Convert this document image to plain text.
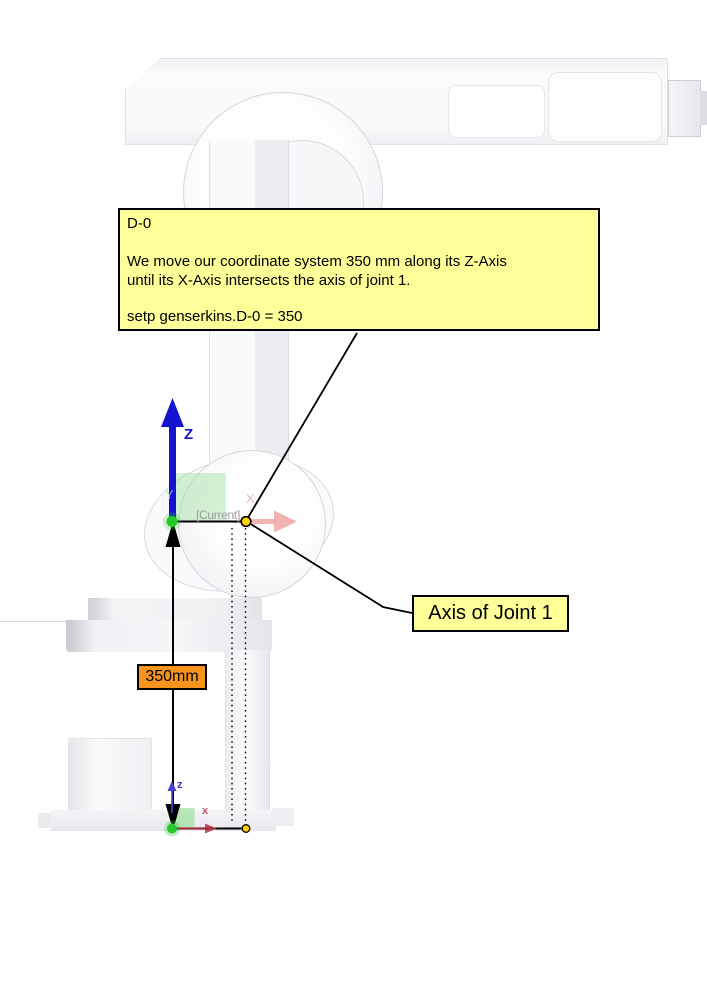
D-0
We move our coordinate system 350 mm along its Z-Axis
until its X-Axis intersects the axis of joint 1.
setp genserkins.D-0 = 350
Axis of Joint 1
350mm
[Current]
Z
Y	X
z
x
